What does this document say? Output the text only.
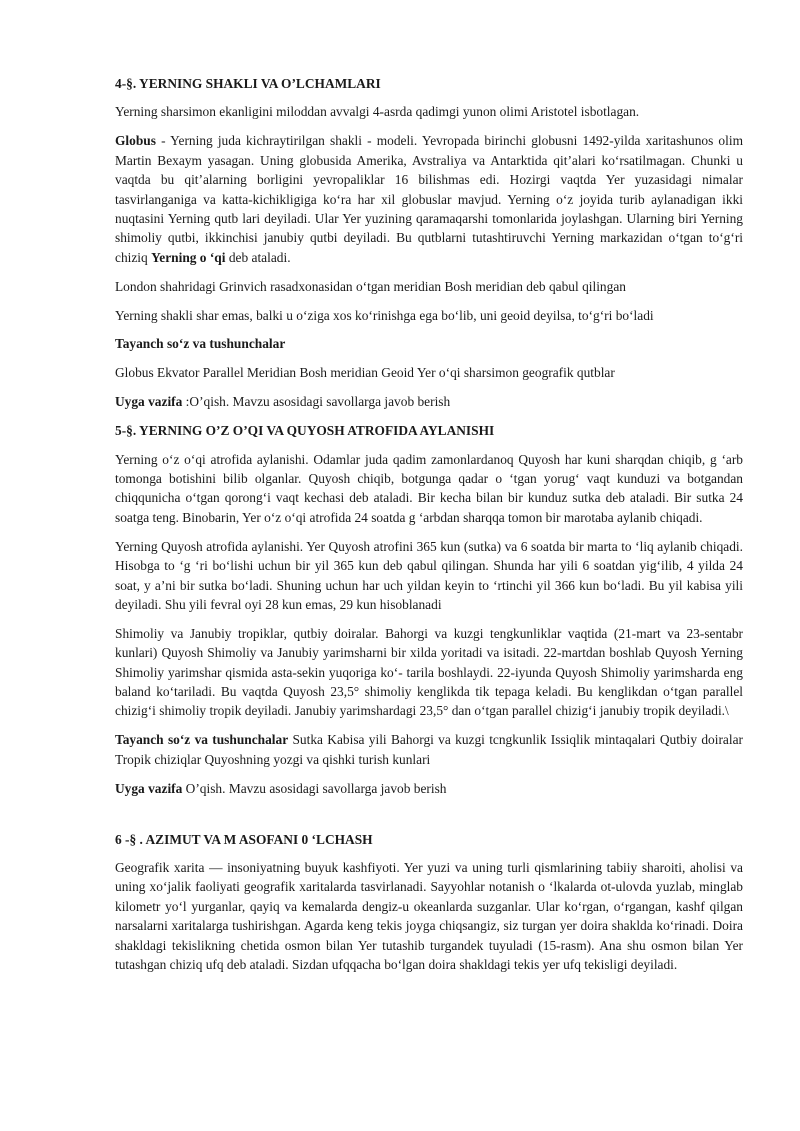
4-§. YERNING SHAKLI VA O’LCHAMLARI

Yerning sharsimon ekanligini miloddan avvalgi 4-asrda qadimgi yunon olimi Aristotel isbotlagan.

Globus - Yerning juda kichraytirilgan shakli - modeli. Yevropada birinchi globusni 1492-yilda xaritashunos olim Martin Bexaym yasagan. Uning globusida Amerika, Avstraliya va Antarktida qit’alari ko‘rsatilmagan. Chunki u vaqtda bu qit’alarning borligini yevropaliklar 16 bilishmas edi. Hozirgi vaqtda Yer yuzasidagi nimalar tasvirlanganiga va katta-kichikligiga ko‘ra har xil globuslar mavjud. Yerning o‘z joyida turib aylanadigan ikki nuqtasini Yerning qutb lari deyiladi. Ular Yer yuzining qaramaqarshi tomonlarida joylashgan. Ularning biri Yerning shimoliy qutbi, ikkinchisi janubiy qutbi deyiladi. Bu qutblarni tutashtiruvchi Yerning markazidan o‘tgan to‘g‘ri chiziq Yerning o ‘qi deb ataladi.

London shahridagi Grinvich rasadxonasidan o‘tgan meridian Bosh meridian deb qabul qilingan

Yerning shakli shar emas, balki u o‘ziga xos ko‘rinishga ega bo‘lib, uni geoid deyilsa, to‘g‘ri bo‘ladi

Tayanch so‘z va tushunchalar

Globus Ekvator Parallel Meridian Bosh meridian Geoid Yer o‘qi sharsimon geografik qutblar

Uyga vazifa :O’qish. Mavzu asosidagi savollarga javob berish

5-§. YERNING O’Z O’QI VA QUYOSH ATROFIDA AYLANISHI

Yerning o‘z o‘qi atrofida aylanishi. Odamlar juda qadim zamonlardanoq Quyosh har kuni sharqdan chiqib, g ‘arb tomonga botishini bilib olganlar. Quyosh chiqib, botgunga qadar o ‘tgan yorug‘ vaqt kunduzi va botgandan chiqqunicha o‘tgan qorong‘i vaqt kechasi deb ataladi. Bir kecha bilan bir kunduz sutka deb ataladi. Bir sutka 24 soatga teng. Binobarin, Yer o‘z o‘qi atrofida 24 soatda g ‘arbdan sharqqa tomon bir marotaba aylanib chiqadi.

Yerning Quyosh atrofida aylanishi. Yer Quyosh atrofini 365 kun (sutka) va 6 soatda bir marta to ‘liq aylanib chiqadi. Hisobga to ‘g ‘ri bo‘lishi uchun bir yil 365 kun deb qabul qilingan. Shunda har yili 6 soatdan yig‘ilib, 4 yilda 24 soat, y a’ni bir sutka bo‘ladi. Shuning uchun har uch yildan keyin to ‘rtinchi yil 366 kun bo‘ladi. Bu yil kabisa yili deyiladi. Shu yili fevral oyi 28 kun emas, 29 kun hisoblanadi

Shimoliy va Janubiy tropiklar, qutbiy doiralar. Bahorgi va kuzgi tengkunliklar vaqtida (21-mart va 23-sentabr kunlari) Quyosh Shimoliy va Janubiy yarimsharni bir xilda yoritadi va isitadi. 22-martdan boshlab Quyosh Yerning Shimoliy yarimshar qismida asta-sekin yuqoriga ko‘- tarila boshlaydi. 22-iyunda Quyosh Shimoliy yarimsharda eng baland ko‘tariladi. Bu vaqtda Quyosh 23,5° shimoliy kenglikda tik tepaga keladi. Bu kenglikdan o‘tgan parallel chizig‘i shimoliy tropik deyiladi. Janubiy yarimshardagi 23,5° dan o‘tgan parallel chizig‘i janubiy tropik deyiladi.\

Tayanch so‘z va tushunchalar Sutka Kabisa yili Bahorgi va kuzgi tcngkunlik Issiqlik mintaqalari Qutbiy doiralar Tropik chiziqlar Quyoshning yozgi va qishki turish kunlari

Uyga vazifa O’qish. Mavzu asosidagi savollarga javob berish

6 -§ . AZIMUT VA M ASOFANI 0 ‘LCHASH

Geografik xarita — insoniyatning buyuk kashfiyoti. Yer yuzi va uning turli qismlarining tabiiy sharoiti, aholisi va uning xo‘jalik faoliyati geografik xaritalarda tasvirlanadi. Sayyohlar notanish o ‘lkalarda ot-ulovda yuzlab, minglab kilometr yo‘l yurganlar, qayiq va kemalarda dengiz-u okeanlarda suzganlar. Ular ko‘rgan, o‘rgangan, kashf qilgan narsalarni xaritalarga tushirishgan. Agarda keng tekis joyga chiqsangiz, siz turgan yer doira shaklda ko‘rinadi. Doira shakldagi tekislikning chetida osmon bilan Yer tutashib turgandek tuyuladi (15-rasm). Ana shu osmon bilan Yer tutashgan chiziq ufq deb ataladi. Sizdan ufqqacha bo‘lgan doira shakldagi tekis yer ufq tekisligi deyiladi.
